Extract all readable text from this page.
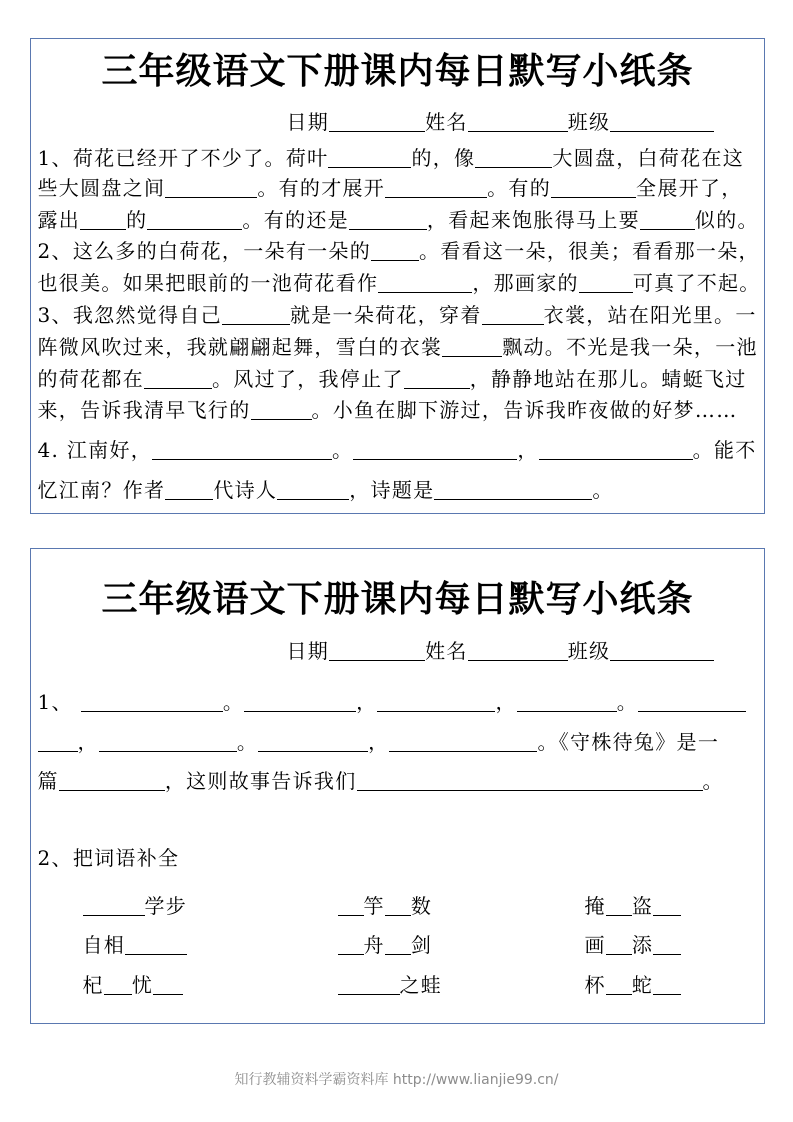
三年级语文下册课内每日默写小纸条
日期	姓名	班级
1、荷花已经开了不少了。荷叶	的，像	大圆盘，白荷花在这
些大圆盘之间	。有的才展开	。有的	全展开了，
露出 的	。有的还是	，看起来饱胀得马上要	似的。
2、这么多的白荷花，一朵有一朵的 。看看这一朵，很美；看看那一朵，
也很美。如果把眼前的一池荷花看作	，那画家的	可真了不起。
3、我忽然觉得自己	就是一朵荷花，穿着	衣裳，站在阳光里。一
阵微风吹过来，我就翩翩起舞，雪白的衣裳	飘动。不光是我一朵，一池
的荷花都在	。风过了，我停止了	，静静地站在那儿。蜻蜓飞过
来，告诉我清早飞行的	。小鱼在脚下游过，告诉我昨夜做的好梦……
4. 江南好，	。	，	。能不
忆江南？作者 代诗人	，诗题是	。
三年级语文下册课内每日默写小纸条
日期	姓名	班级
1、	。	，	，	。
，	。	，	。《守株待兔》是一
篇	，这则故事告诉我们	。
2、把词语补全
学步	竽 数	掩 盗
自相	舟 剑	画 添
杞 忧	之蛙	杯 蛇
知行教辅资料学霸资料库 http://www.lianjie99.cn/
